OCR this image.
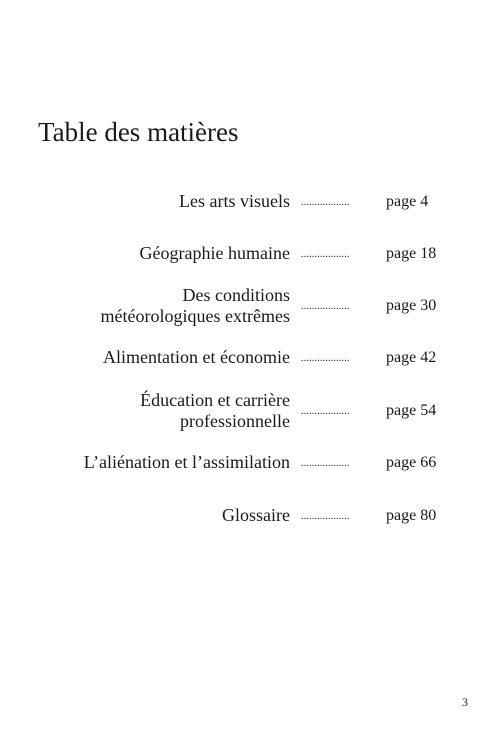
Table des matières
Les arts visuels ..................	page 4
Géographie humaine ..................	page 18
Des conditions
météorologiques extrêmes ..................	page 30
Alimentation et économie ..................	page 42
Éducation et carrière
professionnelle ..................	page 54
L’aliénation et l’assimilation ..................	page 66
Glossaire ..................	page 80
3
